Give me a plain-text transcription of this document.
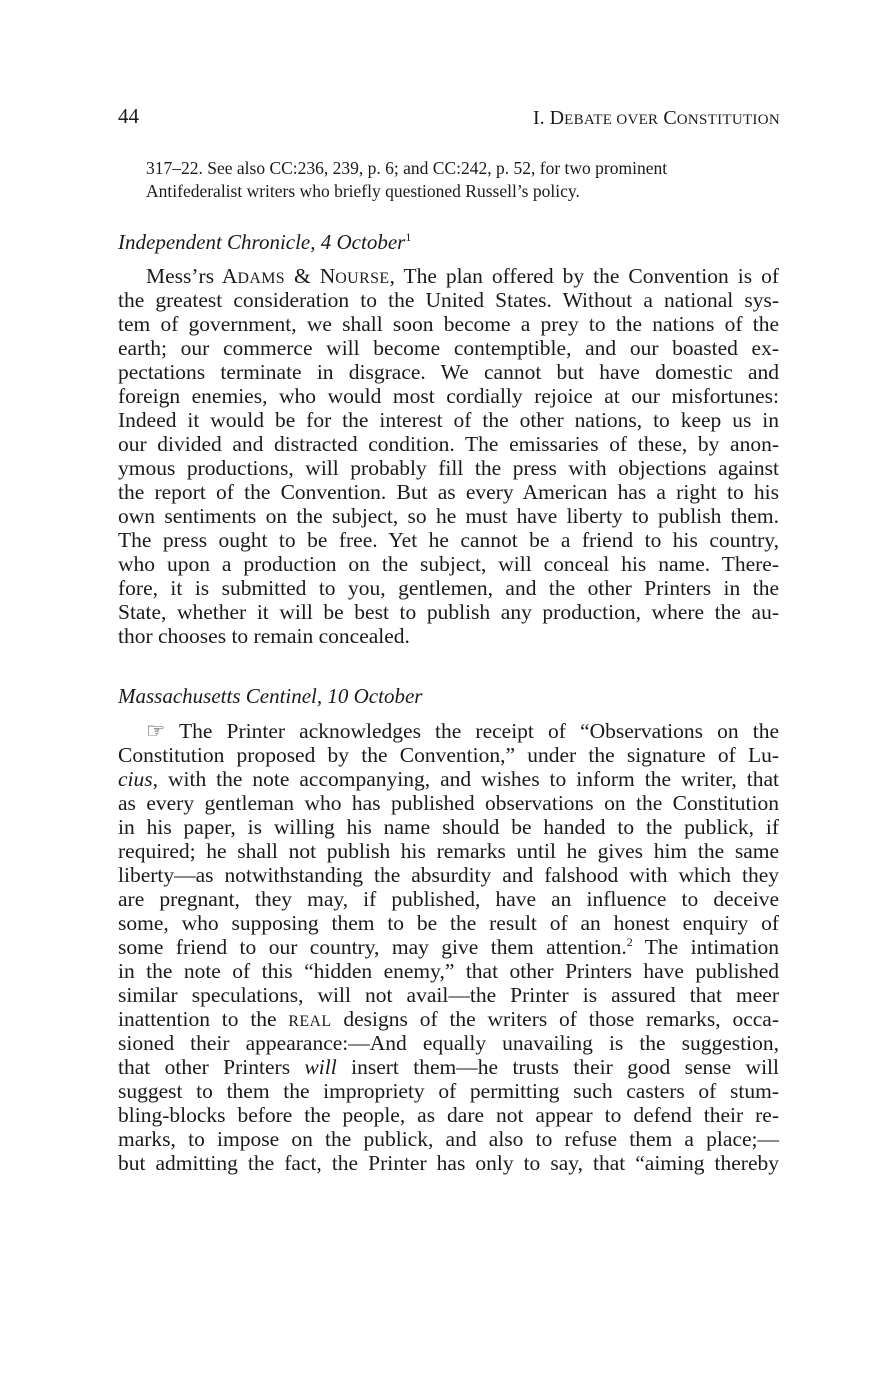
44	I. DEBATE OVER CONSTITUTION
317–22. See also CC:236, 239, p. 6; and CC:242, p. 52, for two prominent
Antifederalist writers who briefly questioned Russell’s policy.
Independent Chronicle, 4 October$^1$
Mess’rs ADAMS & NOURSE, The plan offered by the Convention is of
the greatest consideration to the United States. Without a national sys-
tem of government, we shall soon become a prey to the nations of the
earth; our commerce will become contemptible, and our boasted ex-
pectations terminate in disgrace. We cannot but have domestic and
foreign enemies, who would most cordially rejoice at our misfortunes:
Indeed it would be for the interest of the other nations, to keep us in
our divided and distracted condition. The emissaries of these, by anon-
ymous productions, will probably fill the press with objections against
the report of the Convention. But as every American has a right to his
own sentiments on the subject, so he must have liberty to publish them.
The press ought to be free. Yet he cannot be a friend to his country,
who upon a production on the subject, will conceal his name. There-
fore, it is submitted to you, gentlemen, and the other Printers in the
State, whether it will be best to publish any production, where the au-
thor chooses to remain concealed.
Massachusetts Centinel, 10 October
☞ The Printer acknowledges the receipt of “Observations on the
Constitution proposed by the Convention,” under the signature of Lu-
cius, with the note accompanying, and wishes to inform the writer, that
as every gentleman who has published observations on the Constitution
in his paper, is willing his name should be handed to the publick, if
required; he shall not publish his remarks until he gives him the same
liberty—as notwithstanding the absurdity and falshood with which they
are pregnant, they may, if published, have an influence to deceive
some, who supposing them to be the result of an honest enquiry of
some friend to our country, may give them attention.$^2$ The intimation
in the note of this “hidden enemy,” that other Printers have published
similar speculations, will not avail—the Printer is assured that meer
inattention to the REAL designs of the writers of those remarks, occa-
sioned their appearance:—And equally unavailing is the suggestion,
that other Printers will insert them—he trusts their good sense will
suggest to them the impropriety of permitting such casters of stum-
bling-blocks before the people, as dare not appear to defend their re-
marks, to impose on the publick, and also to refuse them a place;—
but admitting the fact, the Printer has only to say, that “aiming thereby
